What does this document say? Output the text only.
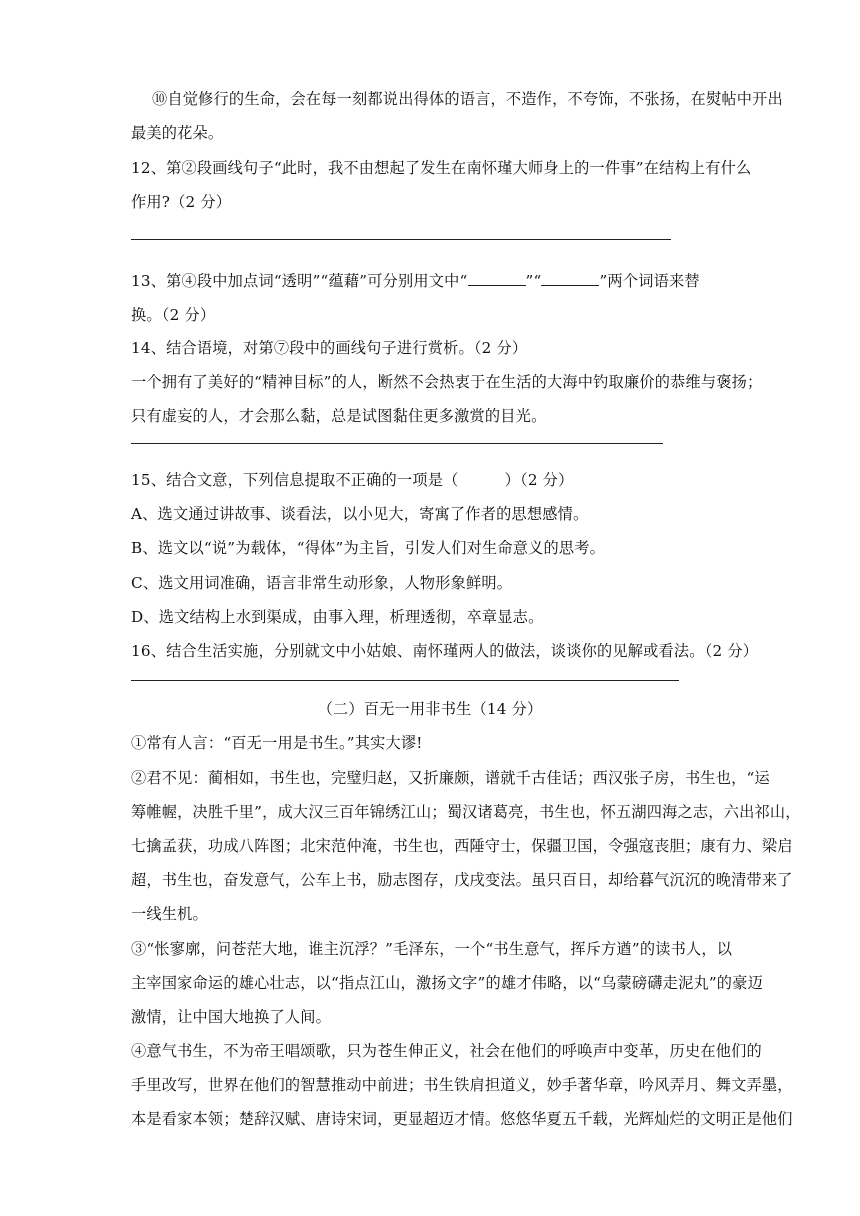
⑩自觉修行的生命，会在每一刻都说出得体的语言，不造作，不夸饰，不张扬，在熨帖中开出
最美的花朵。
12、第②段画线句子“此时，我不由想起了发生在南怀瑾大师身上的一件事”在结构上有什么
作用?（2 分）
13、第④段中加点词“透明”“蕴藉”可分别用文中“	”“	”两个词语来替
换。（2 分）
14、结合语境，对第⑦段中的画线句子进行赏析。（2 分）
一个拥有了美好的“精神目标”的人，断然不会热衷于在生活的大海中钓取廉价的恭维与褒扬；
只有虚妄的人，才会那么黏，总是试图黏住更多激赏的目光。
15、结合文意，下列信息提取不正确的一项是（　　　）（2 分）
A、选文通过讲故事、谈看法，以小见大，寄寓了作者的思想感情。
B、选文以“说”为载体，“得体”为主旨，引发人们对生命意义的思考。
C、选文用词准确，语言非常生动形象，人物形象鲜明。
D、选文结构上水到渠成，由事入理，析理透彻，卒章显志。
16、结合生活实施，分别就文中小姑娘、南怀瑾两人的做法，谈谈你的见解或看法。（2 分）
（二）百无一用非书生（14 分）
①常有人言：“百无一用是书生。”其实大谬!
②君不见：蔺相如，书生也，完璧归赵，又折廉颇，谱就千古佳话；西汉张子房，书生也，“运
筹帷幄，决胜千里”，成大汉三百年锦绣江山；蜀汉诸葛亮，书生也，怀五湖四海之志，六出祁山，
七擒孟获，功成八阵图；北宋范仲淹，书生也，西陲守士，保疆卫国，令强寇丧胆；康有力、梁启
超，书生也，奋发意气，公车上书，励志图存，戊戌变法。虽只百日，却给暮气沉沉的晚清带来了
一线生机。
③“怅寥廓，问苍茫大地，谁主沉浮？”毛泽东，一个“书生意气，挥斥方遒”的读书人，以
主宰国家命运的雄心壮志，以“指点江山，激扬文字”的雄才伟略，以“乌蒙磅礴走泥丸”的豪迈
激情，让中国大地换了人间。
④意气书生，不为帝王唱颂歌，只为苍生伸正义，社会在他们的呼唤声中变革，历史在他们的
手里改写，世界在他们的智慧推动中前进；书生铁肩担道义，妙手著华章，吟风弄月、舞文弄墨，
本是看家本领；楚辞汉赋、唐诗宋词，更显超迈才情。悠悠华夏五千载，光辉灿烂的文明正是他们
